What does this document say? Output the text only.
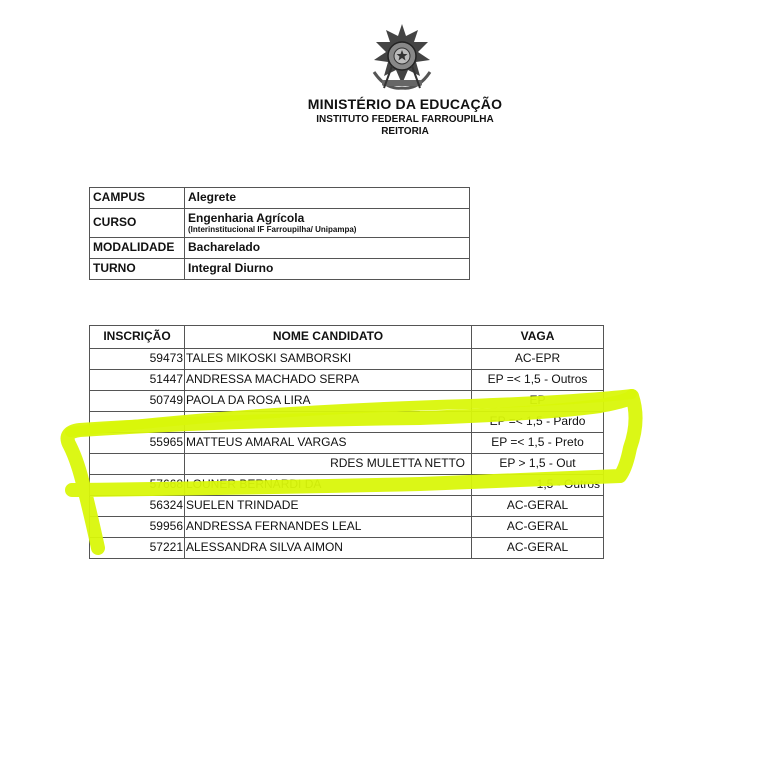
MINISTÉRIO DA EDUCAÇÃO
INSTITUTO FEDERAL FARROUPILHA
REITORIA
CAMPUS	Alegrete
CURSO	Engenharia Agrícola
(Interinstitucional IF Farroupilha/ Unipampa)

MODALIDADE	Bacharelado
TURNO	Integral Diurno
INSCRIÇÃO	NOME CANDIDATO	VAGA
59473	TALES MIKOSKI SAMBORSKI	AC-EPR
51447	ANDRESSA MACHADO SERPA	EP =< 1,5 - Outros
50749	PAOLA DA ROSA LIRA	EP
		EP =< 1,5 - Pardo
55965	MATTEUS AMARAL VARGAS	EP =< 1,5 - Preto
	RDES MULETTA NETTO	EP > 1,5 - Out
57668	LOUNER BERNARDI DA	1,5 - Outros
56324	SUELEN TRINDADE	AC-GERAL
59956	ANDRESSA FERNANDES LEAL	AC-GERAL
57221	ALESSANDRA SILVA AIMON	AC-GERAL
